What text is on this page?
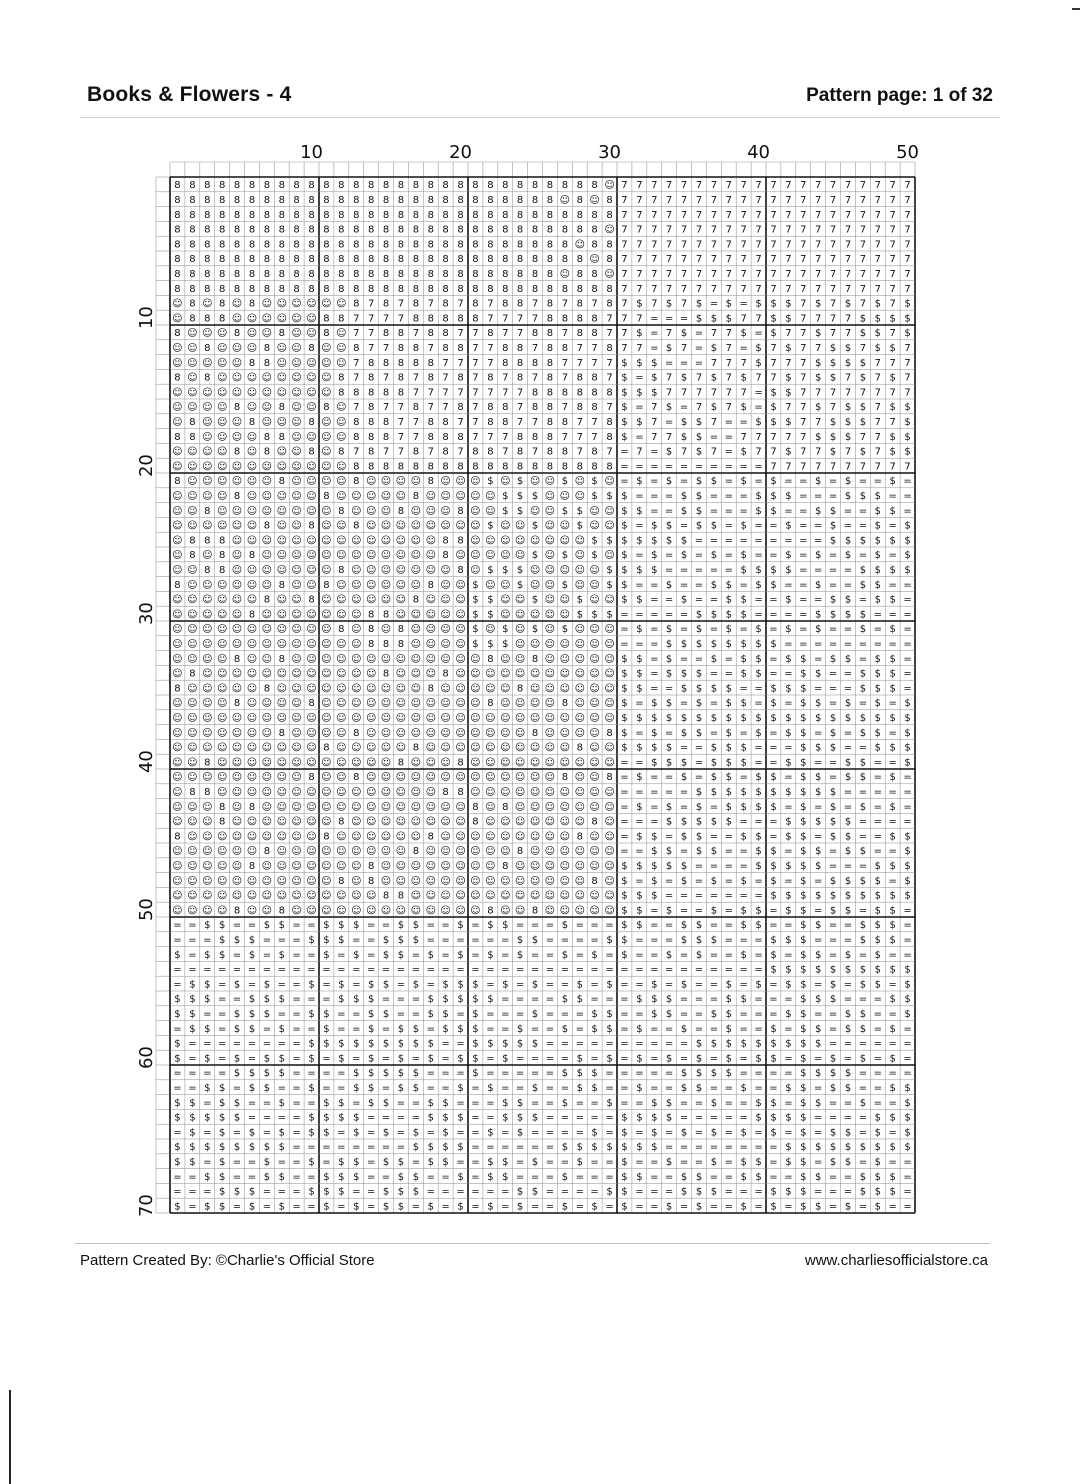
Books & Flowers - 4	Pattern page: 1 of 32
10	20	30	40	50
10
20
30
40
50
60
70
8 8 8 8 8 8 8 8 8 8 8 8 8 8 8 8 8 8 8 8 8 8 8 8 8 8 8 8 8 ☺ 7 7 7 7 7 7 7 7 7 7 7 7 7 7 7 7 7 7 7 7
8 8 8 8 8 8 8 8 8 8 8 8 8 8 8 8 8 8 8 8 8 8 8 8 8 8 ☺ 8 ☺ 8 7 7 7 7 7 7 7 7 7 7 7 7 7 7 7 7 7 7 7 7
8 8 8 8 8 8 8 8 8 8 8 8 8 8 8 8 8 8 8 8 8 8 8 8 8 8 8 8 8 8 7 7 7 7 7 7 7 7 7 7 7 7 7 7 7 7 7 7 7 7
8 8 8 8 8 8 8 8 8 8 8 8 8 8 8 8 8 8 8 8 8 8 8 8 8 8 8 8 8 ☺ 7 7 7 7 7 7 7 7 7 7 7 7 7 7 7 7 7 7 7 7
8 8 8 8 8 8 8 8 8 8 8 8 8 8 8 8 8 8 8 8 8 8 8 8 8 8 8 ☺ 8 8 7 7 7 7 7 7 7 7 7 7 7 7 7 7 7 7 7 7 7 7
8 8 8 8 8 8 8 8 8 8 8 8 8 8 8 8 8 8 8 8 8 8 8 8 8 8 8 8 ☺ 8 7 7 7 7 7 7 7 7 7 7 7 7 7 7 7 7 7 7 7 7
8 8 8 8 8 8 8 8 8 8 8 8 8 8 8 8 8 8 8 8 8 8 8 8 8 8 ☺ 8 8 ☺ 7 7 7 7 7 7 7 7 7 7 7 7 7 7 7 7 7 7 7 7
8 8 8 8 8 8 8 8 8 8 8 8 8 8 8 8 8 8 8 8 8 8 8 8 8 8 8 8 8 8 7 7 7 7 7 7 7 7 7 7 7 7 7 7 7 7 7 7 7 7
☺ 8 ☺ 8 ☺ 8 ☺ ☺ ☺ ☺ ☺ ☺ 8 7 8 7 8 7 8 7 8 7 8 8 7 8 7 8 7 8 7 $ 7 $ 7 $ = $ = $ $ $ 7 $ 7 $ 7 $ 7 $
☺ 8 8 8 ☺ ☺ ☺ ☺ ☺ ☺ 8 8 7 7 7 7 8 8 8 8 8 7 7 7 7 8 8 8 8 7 7 7 = = = $ $ $ 7 7 $ $ 7 7 7 7 $ $ $ $
8 ☺ ☺ ☺ 8 ☺ ☺ 8 ☺ ☺ 8 ☺ 7 7 8 8 7 8 8 7 7 8 7 7 8 8 7 8 8 7 7 $ = 7 $ = 7 7 $ = $ 7 7 $ 7 7 $ $ 7 $
☺ ☺ 8 ☺ ☺ ☺ 8 ☺ ☺ 8 ☺ ☺ 8 7 7 8 8 7 8 8 7 7 8 8 7 8 8 7 7 8 7 7 = $ 7 = $ 7 = $ 7 $ 7 7 $ $ 7 $ $ 7
☺ ☺ ☺ ☺ ☺ 8 8 ☺ ☺ ☺ ☺ ☺ 7 8 8 8 8 8 7 7 7 7 8 8 8 8 7 7 7 7 $ $ $ = = = 7 7 7 $ 7 7 7 $ $ $ $ 7 7 7
8 ☺ 8 ☺ ☺ ☺ ☺ ☺ ☺ ☺ ☺ 8 7 8 7 8 7 8 7 8 7 8 7 8 7 8 7 8 8 7 $ = $ 7 $ 7 $ 7 $ 7 7 $ 7 $ $ 7 $ 7 $ 7
☺ ☺ ☺ ☺ ☺ ☺ ☺ ☺ ☺ ☺ ☺ 8 8 8 8 8 7 7 7 7 7 7 7 7 8 8 8 8 8 8 $ $ $ 7 7 7 7 7 7 = $ $ 7 7 7 7 7 7 7 7
☺ ☺ ☺ ☺ 8 ☺ ☺ 8 ☺ ☺ 8 ☺ 7 8 7 7 8 7 7 8 7 8 8 7 8 8 7 8 8 7 $ = 7 $ = 7 $ 7 $ = $ 7 7 $ 7 $ $ 7 $ $
☺ 8 ☺ ☺ ☺ 8 ☺ ☺ ☺ 8 ☺ ☺ 8 8 8 7 7 8 8 7 7 8 8 7 7 8 8 7 7 8 $ $ 7 = $ $ 7 = = $ $ $ 7 7 $ $ $ 7 7 $
8 8 ☺ ☺ ☺ ☺ 8 8 ☺ ☺ ☺ ☺ 8 8 8 7 7 8 8 8 7 7 7 8 8 8 7 7 7 8 $ = 7 7 $ $ = = 7 7 7 7 7 $ $ $ 7 7 $ $
☺ ☺ ☺ ☺ 8 ☺ 8 ☺ ☺ 8 ☺ 8 7 8 7 7 8 7 8 7 8 8 7 8 7 8 8 7 8 7 = 7 = $ 7 $ 7 = $ 7 7 $ 7 7 $ 7 $ 7 $ $
☺ ☺ ☺ ☺ ☺ ☺ ☺ ☺ ☺ ☺ ☺ ☺ 8 8 8 8 8 8 8 8 8 8 8 8 8 8 8 8 8 8 = = = = = = = = = = 7 7 7 7 7 7 7 7 7 7
8 ☺ ☺ ☺ ☺ ☺ ☺ 8 ☺ ☺ ☺ ☺ 8 ☺ ☺ ☺ ☺ 8 ☺ ☺ ☺ $ ☺ $ ☺ ☺ $ ☺ $ ☺ = $ = $ = $ $ = $ = $ = = $ = $ = = $ =
☺ ☺ ☺ ☺ 8 ☺ ☺ ☺ ☺ ☺ 8 ☺ ☺ ☺ ☺ ☺ 8 ☺ ☺ ☺ ☺ ☺ $ $ $ ☺ ☺ ☺ $ $ $ = = = $ $ = = = $ $ $ = = = $ $ $ = =
☺ ☺ 8 ☺ ☺ ☺ ☺ ☺ ☺ ☺ ☺ 8 ☺ ☺ ☺ 8 ☺ ☺ ☺ 8 ☺ ☺ $ $ ☺ ☺ $ $ ☺ ☺ $ $ = = $ $ = = = $ $ = = $ $ = = $ $ =
☺ ☺ ☺ ☺ ☺ ☺ 8 ☺ ☺ 8 ☺ ☺ 8 ☺ ☺ ☺ ☺ ☺ ☺ ☺ ☺ $ ☺ ☺ $ ☺ ☺ $ ☺ ☺ $ = $ $ = $ $ = $ = = $ = = $ = = $ = $
☺ 8 8 8 ☺ ☺ ☺ ☺ ☺ ☺ ☺ ☺ ☺ ☺ ☺ ☺ ☺ ☺ 8 8 ☺ ☺ ☺ ☺ ☺ ☺ ☺ ☺ $ $ $ $ $ $ $ = = = = = = = = = $ $ $ $ $ $
☺ 8 ☺ 8 ☺ 8 ☺ ☺ ☺ ☺ ☺ ☺ ☺ ☺ ☺ ☺ ☺ ☺ 8 ☺ ☺ ☺ ☺ ☺ $ ☺ $ ☺ $ ☺ $ = $ = $ = $ = $ = = $ = $ = $ = $ = $
☺ ☺ 8 8 ☺ ☺ ☺ ☺ ☺ ☺ ☺ 8 ☺ ☺ ☺ ☺ ☺ ☺ ☺ 8 ☺ $ $ $ ☺ ☺ ☺ ☺ ☺ $ $ $ $ = = = = = $ $ $ $ = = = = $ $ $ $
8 ☺ ☺ ☺ ☺ ☺ ☺ 8 ☺ ☺ 8 ☺ ☺ ☺ ☺ ☺ ☺ 8 ☺ ☺ $ ☺ ☺ $ ☺ ☺ $ ☺ ☺ $ $ = = $ = = $ $ = $ $ = = $ = = $ $ = =
☺ ☺ ☺ ☺ ☺ ☺ 8 ☺ ☺ 8 ☺ ☺ ☺ ☺ ☺ ☺ 8 ☺ ☺ ☺ $ $ ☺ ☺ $ ☺ ☺ $ ☺ ☺ $ $ = = $ = = $ $ = = $ = = $ $ = $ $ =
☺ ☺ ☺ ☺ ☺ 8 ☺ ☺ ☺ ☺ ☺ ☺ ☺ 8 8 ☺ ☺ ☺ ☺ ☺ $ $ ☺ ☺ ☺ ☺ ☺ $ $ $ = = = = = $ $ $ $ = = = = $ $ $ $ = = =
☺ ☺ ☺ ☺ ☺ ☺ ☺ ☺ ☺ ☺ ☺ 8 ☺ 8 ☺ 8 ☺ ☺ ☺ ☺ $ ☺ $ ☺ $ ☺ $ ☺ ☺ ☺ = $ = $ = $ = $ = $ = $ = $ = = $ = $ =
☺ ☺ ☺ ☺ ☺ ☺ ☺ ☺ ☺ ☺ ☺ ☺ ☺ 8 8 8 ☺ ☺ ☺ ☺ $ $ $ ☺ ☺ ☺ ☺ ☺ ☺ ☺ = = = $ $ $ $ $ $ $ $ = = = = = = = = =
☺ ☺ ☺ ☺ 8 ☺ ☺ 8 ☺ ☺ ☺ ☺ ☺ ☺ ☺ ☺ ☺ ☺ ☺ ☺ ☺ 8 ☺ ☺ 8 ☺ ☺ ☺ ☺ ☺ $ $ = $ = = $ = $ $ = $ $ = $ $ = $ $ =
☺ 8 ☺ ☺ ☺ ☺ ☺ ☺ ☺ ☺ ☺ ☺ ☺ ☺ 8 ☺ ☺ ☺ 8 ☺ ☺ ☺ ☺ ☺ ☺ ☺ ☺ ☺ ☺ ☺ $ $ = $ $ $ = = $ $ = = $ $ = = $ $ $ =
8 ☺ ☺ ☺ ☺ ☺ 8 ☺ ☺ ☺ ☺ ☺ ☺ ☺ ☺ ☺ ☺ 8 ☺ ☺ ☺ ☺ ☺ 8 ☺ ☺ ☺ ☺ ☺ ☺ $ $ = = $ $ $ $ = = $ $ $ = = = $ $ $ =
☺ ☺ ☺ ☺ 8 ☺ ☺ ☺ ☺ 8 ☺ ☺ ☺ ☺ ☺ ☺ ☺ ☺ ☺ ☺ ☺ 8 ☺ ☺ ☺ ☺ 8 ☺ ☺ ☺ $ = $ $ = $ = $ $ = $ = $ $ = $ = $ = $
☺ ☺ ☺ ☺ ☺ ☺ ☺ ☺ ☺ ☺ ☺ ☺ ☺ ☺ ☺ ☺ ☺ ☺ ☺ ☺ ☺ ☺ ☺ ☺ ☺ ☺ ☺ ☺ ☺ ☺ $ $ $ $ $ $ $ $ $ $ $ $ $ $ $ $ $ $ $ $
☺ ☺ ☺ ☺ ☺ ☺ ☺ 8 ☺ ☺ ☺ ☺ 8 ☺ ☺ ☺ ☺ ☺ ☺ ☺ ☺ ☺ ☺ ☺ 8 ☺ ☺ ☺ ☺ 8 $ = $ = $ $ = $ = $ = $ $ = $ = $ $ = $
☺ ☺ ☺ ☺ ☺ ☺ ☺ ☺ ☺ ☺ 8 ☺ ☺ ☺ ☺ ☺ 8 ☺ ☺ ☺ ☺ ☺ ☺ ☺ ☺ ☺ ☺ 8 ☺ ☺ $ $ $ $ = = $ $ $ = = = $ $ $ = = $ $ $
☺ ☺ 8 ☺ ☺ ☺ ☺ ☺ ☺ ☺ ☺ ☺ ☺ ☺ ☺ 8 ☺ ☺ ☺ 8 ☺ ☺ ☺ ☺ ☺ ☺ ☺ ☺ ☺ ☺ = = $ $ $ = $ $ $ = = $ $ = = $ $ = = $
☺ ☺ ☺ ☺ ☺ ☺ ☺ ☺ ☺ 8 ☺ ☺ 8 ☺ ☺ ☺ ☺ ☺ ☺ ☺ ☺ ☺ ☺ ☺ ☺ ☺ 8 ☺ ☺ 8 = $ = = $ = $ $ = $ $ = $ $ = $ $ = $ =
☺ 8 8 ☺ ☺ ☺ ☺ ☺ ☺ ☺ ☺ ☺ ☺ ☺ ☺ ☺ ☺ ☺ 8 8 ☺ ☺ ☺ ☺ ☺ ☺ ☺ ☺ ☺ ☺ = = = = = $ $ $ $ $ $ $ $ $ $ = = = = =
☺ ☺ ☺ 8 ☺ 8 ☺ ☺ ☺ ☺ ☺ ☺ ☺ ☺ ☺ ☺ ☺ ☺ ☺ ☺ 8 ☺ 8 ☺ ☺ ☺ ☺ ☺ ☺ ☺ = $ = $ = $ = $ $ $ $ = $ = $ = $ = $ =
☺ ☺ ☺ 8 ☺ ☺ ☺ ☺ ☺ ☺ ☺ 8 ☺ ☺ ☺ ☺ ☺ ☺ ☺ ☺ 8 ☺ ☺ ☺ ☺ ☺ ☺ ☺ 8 ☺ = = = $ $ $ $ $ = = = $ $ $ $ $ = = = =
8 ☺ ☺ ☺ ☺ ☺ ☺ ☺ ☺ ☺ 8 ☺ ☺ ☺ ☺ ☺ ☺ 8 ☺ ☺ ☺ ☺ ☺ ☺ ☺ ☺ ☺ 8 ☺ ☺ = $ $ = $ $ = = $ $ = $ $ = $ $ = = $ $
☺ ☺ ☺ ☺ ☺ ☺ 8 ☺ ☺ ☺ ☺ ☺ ☺ ☺ ☺ ☺ 8 ☺ ☺ ☺ ☺ ☺ ☺ 8 ☺ ☺ ☺ ☺ ☺ ☺ = = $ $ = $ $ = = $ $ = $ $ = $ $ = = $
☺ ☺ ☺ ☺ ☺ 8 ☺ ☺ ☺ ☺ ☺ ☺ ☺ 8 ☺ ☺ ☺ ☺ ☺ ☺ ☺ ☺ 8 ☺ ☺ ☺ ☺ ☺ ☺ ☺ $ $ $ $ $ = = = = $ $ $ $ $ = = = $ $ $
☺ ☺ ☺ ☺ ☺ ☺ ☺ ☺ ☺ ☺ ☺ 8 ☺ 8 ☺ ☺ ☺ ☺ ☺ ☺ ☺ ☺ ☺ ☺ ☺ ☺ ☺ ☺ 8 ☺ $ = $ = $ = $ = $ = $ = $ = $ $ $ $ = $
☺ ☺ ☺ ☺ ☺ ☺ ☺ ☺ ☺ ☺ ☺ ☺ ☺ ☺ 8 8 ☺ ☺ ☺ ☺ ☺ ☺ ☺ ☺ ☺ ☺ ☺ ☺ ☺ ☺ $ $ $ = = = = = = = $ $ $ $ $ $ $ $ $ $
☺ ☺ ☺ ☺ 8 ☺ ☺ 8 ☺ ☺ ☺ ☺ ☺ ☺ ☺ ☺ ☺ ☺ ☺ ☺ ☺ 8 ☺ ☺ 8 ☺ ☺ ☺ ☺ ☺ $ $ = $ = = $ = $ $ = $ $ = $ $ = $ $ =
= = $ $ = = $ $ = = $ $ $ = = $ $ = = $ = $ $ = = = $ = = = $ $ = = $ $ = = $ $ = = $ $ = = $ $ $ =
= = = $ $ $ = = = $ $ $ = = $ $ $ = = = = = = $ $ = = = = $ $ = = = $ $ $ = = = $ $ $ = = = $ $ $ =
$ = $ $ = $ = $ = = $ = $ = $ $ = $ = $ = $ = $ = = $ = $ = $ = = $ = $ = = $ = $ = $ $ = $ = $ = =
= = = = = = = = = = = = = = = = = = = = = = = = = = = = = = = = = = = = = = = = $ $ $ $ $ $ $ $ $ $
= $ $ = $ = $ = = $ = $ = $ $ = $ = $ $ $ = $ = $ = = $ = $ = = $ = $ = = $ = $ = $ $ = $ = $ $ = $
$ $ $ = = $ $ $ = = = $ $ $ = = = $ $ $ $ $ = = = = $ $ = = = $ $ $ = = = $ $ = = = $ $ $ = = = $ $
$ $ = = $ $ $ = = $ $ = = $ $ = = $ $ = $ = = = $ = = = $ $ = = $ $ = = $ $ = = = $ $ = = $ $ = = $
= $ $ = $ $ = $ = = $ = = $ = $ $ = $ $ $ = = $ = = $ = $ $ = $ = = $ = = $ = = $ = $ $ = $ $ = $ =
$ = = = = = = = = $ $ $ $ $ $ $ $ $ = = $ $ $ $ $ = = = = = = = = = = $ $ $ $ $ $ $ $ $ = = = = = =
$ = $ = $ = $ $ = $ = $ = $ = $ = $ = $ $ = $ = = = = $ = $ = $ = $ = $ = $ = $ $ = $ = $ = $ = $ =
= = = = $ $ $ $ = = = = $ $ $ $ $ = = = $ = = = = = $ $ $ = = = = = $ $ $ $ = = = = $ $ $ $ = = = =
= = $ $ = $ $ = = $ = = $ $ = $ $ = = $ = $ = = $ = = $ $ = = $ = = $ $ = = $ = = $ $ = $ $ = = $ $
$ $ = $ $ = = $ = = $ $ = $ $ = = $ $ = = = $ $ = = $ = = $ = = $ $ = = $ = = $ $ = $ $ = = $ = = $
$ $ $ $ $ = = = = $ $ $ $ = = = = $ $ $ = = $ $ $ = = = = = $ $ $ $ = = = = = $ $ $ $ = = = = $ $ $
= $ = $ = $ = $ = $ $ = $ = $ = $ = $ = = $ = $ = = = = $ = $ = $ = $ = $ = $ = $ = $ = $ $ = $ = $
$ $ $ $ $ $ $ $ = = = = = = = = $ $ $ $ = = = = = = $ $ $ $ $ $ $ = = = = = = = = $ $ $ $ $ $ $ $ $
$ $ = $ = = $ = = $ = $ $ = $ $ = $ $ = = $ $ = $ = = $ = = $ = = $ = = $ = $ $ = $ $ = $ $ = $ = =
= = $ $ = = $ $ = = $ $ $ = = $ $ = = $ = $ $ = = = $ = = = $ $ = = $ $ = = $ $ = = $ $ = = $ $ $ =
= = = $ $ $ = = = $ $ $ = = $ $ $ = = = = = = $ $ = = = = $ $ = = = $ $ $ = = = $ $ $ = = = $ $ $ =
$ = $ $ = $ = $ = = $ = $ = $ $ = $ = $ = $ = $ = = $ = $ = $ = = $ = $ = = $ = $ = $ $ = $ = $ = =
Pattern Created By: ©Charlie's Official Store	www.charliesofficialstore.ca
